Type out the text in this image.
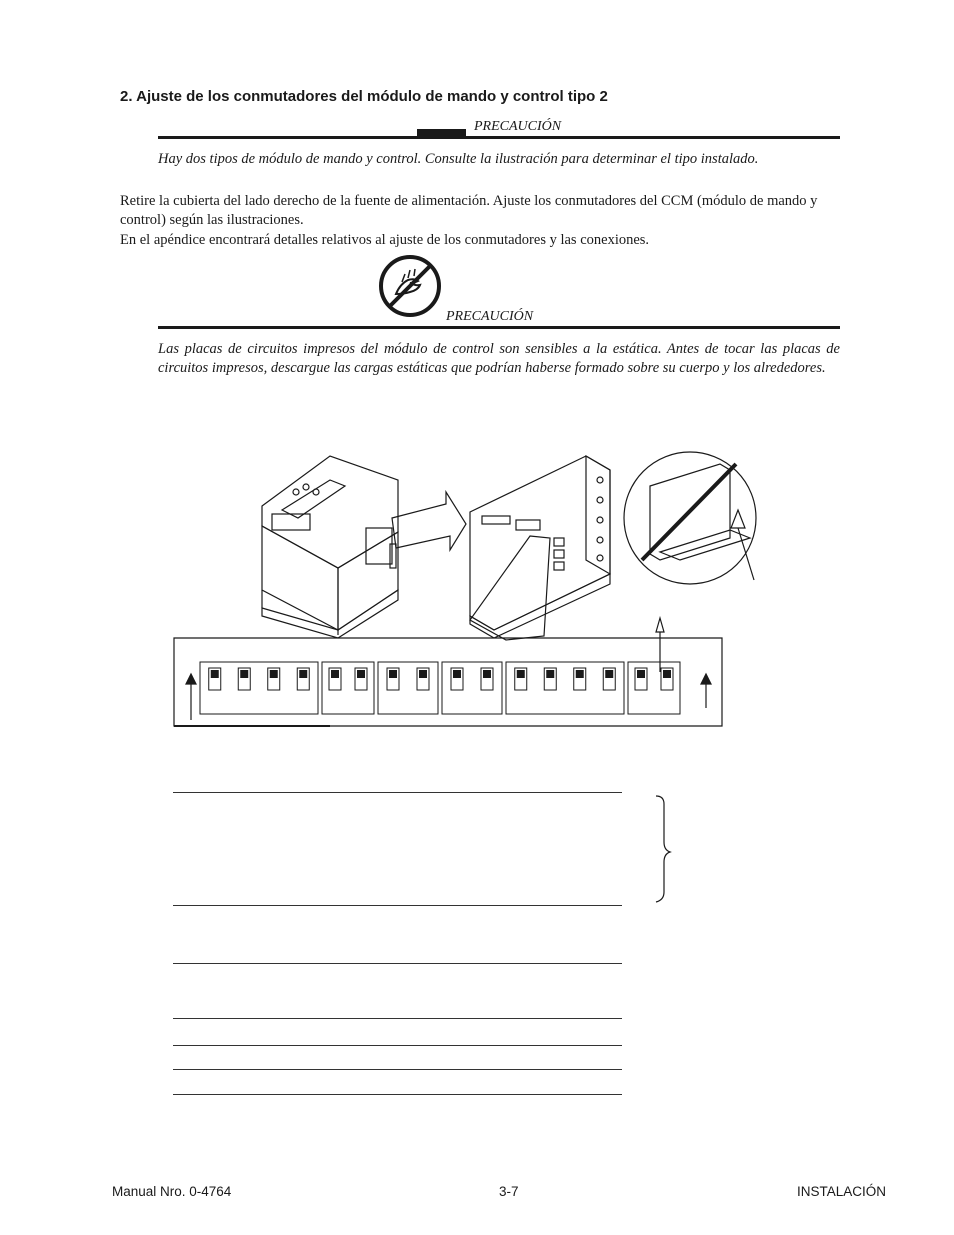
2. Ajuste de los conmutadores del módulo de mando y control tipo 2
PRECAUCIÓN
Hay dos tipos de módulo de mando y control. Consulte la ilustración para determinar el tipo instalado.
Retire la cubierta del lado derecho de la fuente de alimentación. Ajuste los conmutadores del CCM (módulo de mando y control) según las ilustraciones.
En el apéndice encontrará detalles relativos al ajuste de los conmutadores y las conexiones.
PRECAUCIÓN
Las placas de circuitos impresos del módulo de control son sensibles a la estática. Antes de tocar las placas de circuitos impresos, descargue las cargas estáticas que podrían haberse formado sobre su cuerpo y los alrededores.
Manual Nro. 0-4764	3-7	INSTALACIÓN
